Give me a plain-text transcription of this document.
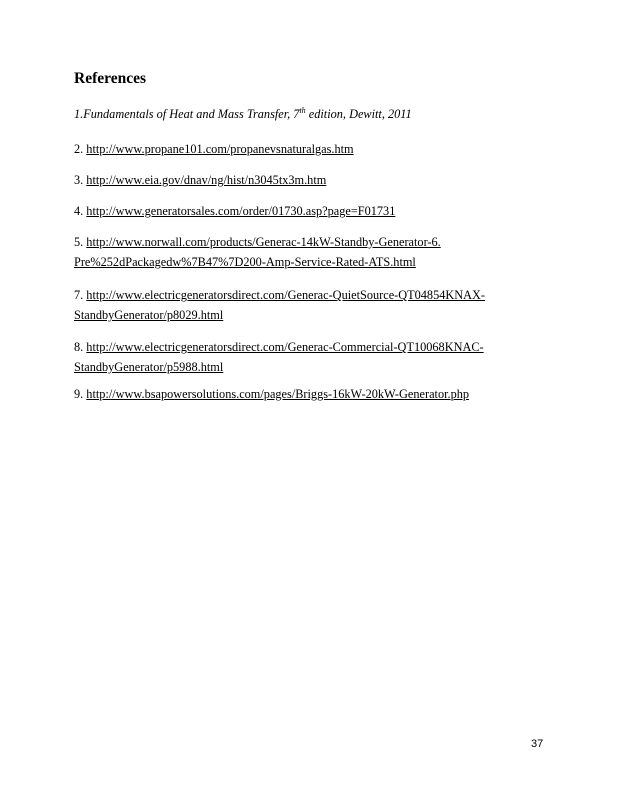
References
1.Fundamentals of Heat and Mass Transfer, 7th edition, Dewitt, 2011
2. http://www.propane101.com/propanevsnaturalgas.htm
3. http://www.eia.gov/dnav/ng/hist/n3045tx3m.htm
4. http://www.generatorsales.com/order/01730.asp?page=F01731
5. http://www.norwall.com/products/Generac-14kW-Standby-Generator-6.
Pre%252dPackagedw%7B47%7D200-Amp-Service-Rated-ATS.html
7. http://www.electricgeneratorsdirect.com/Generac-QuietSource-QT04854KNAX-
StandbyGenerator/p8029.html
8. http://www.electricgeneratorsdirect.com/Generac-Commercial-QT10068KNAC-
StandbyGenerator/p5988.html
9. http://www.bsapowersolutions.com/pages/Briggs-16kW-20kW-Generator.php
37
